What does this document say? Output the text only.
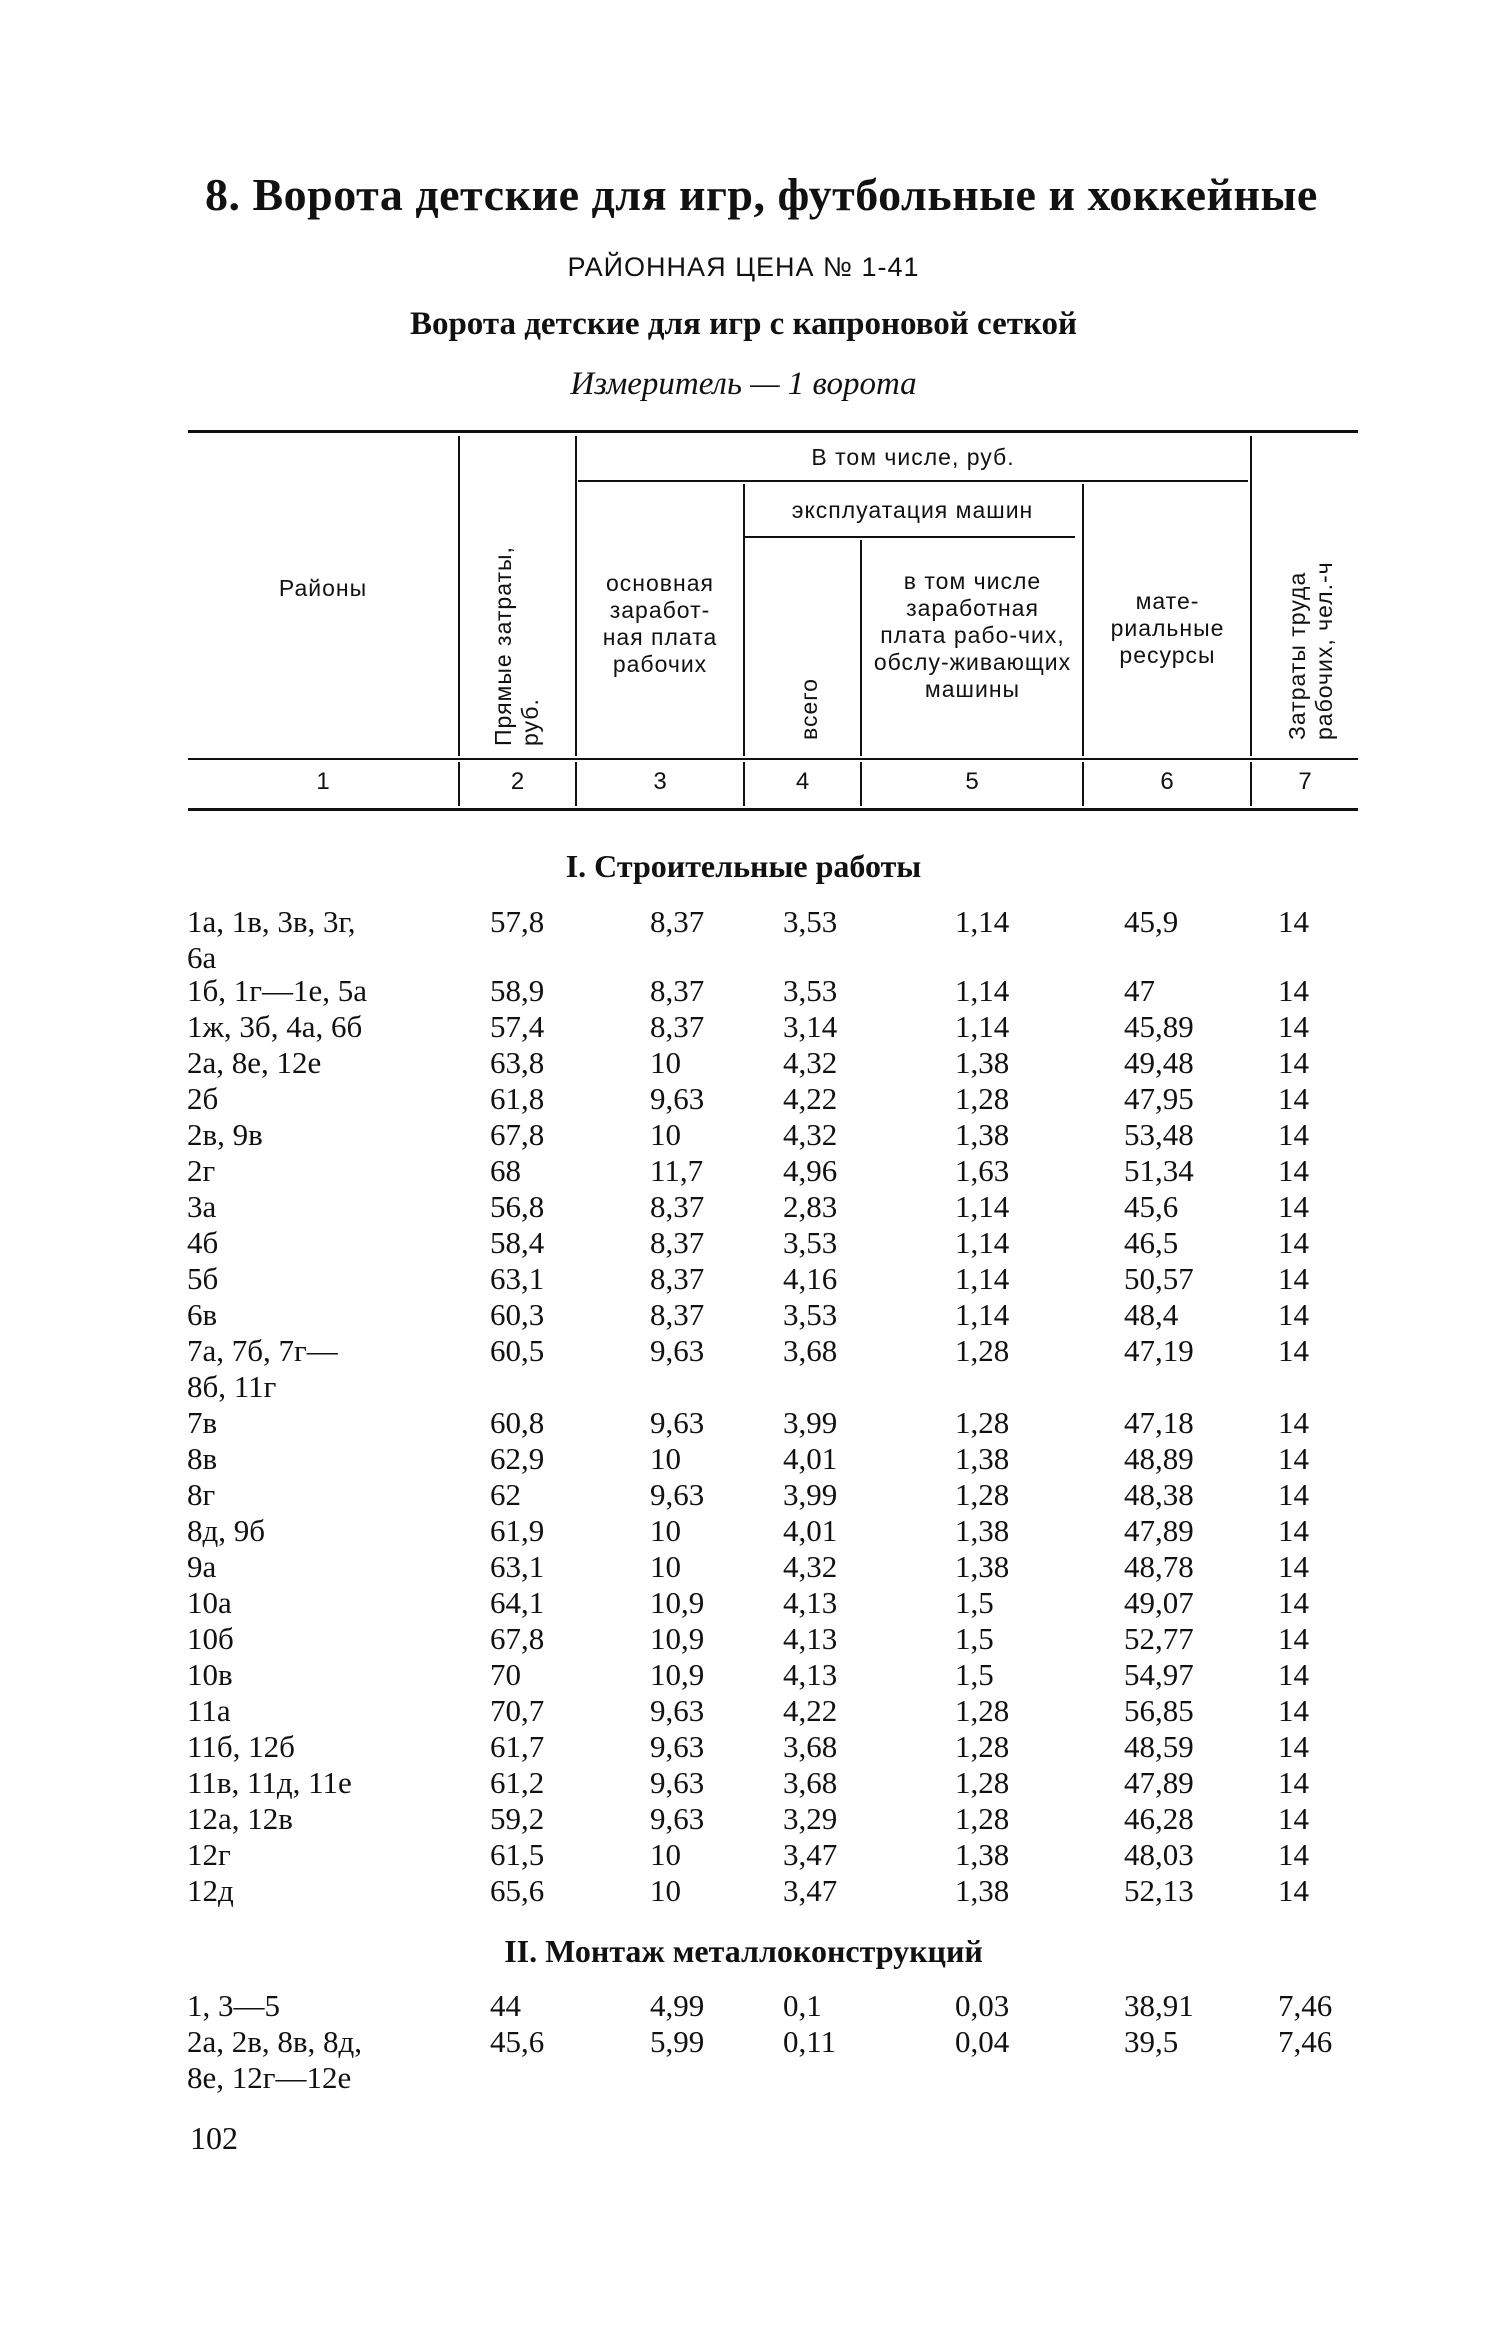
8. Ворота детские для игр, футбольные и хоккейные
РАЙОННАЯ ЦЕНА № 1-41
Ворота детские для игр с капроновой сеткой
Измеритель — 1 ворота
Районы	Прямые затраты, руб.
В том числе, руб.
основная заработ-ная плата рабочих
эксплуатация машин
всего
в том числе заработная плата рабо-чих, обслу-живающих машины
мате-риальные ресурсы	Затраты труда рабочих, чел.-ч
1	2	3	4	5	6	7
I. Строительные работы
1а, 1в, 3в, 3г,	57,8	8,37	3,53	1,14	45,9	14
6а
1б, 1г—1е, 5а	58,9	8,37	3,53	1,14	47	14
1ж, 3б, 4а, 6б	57,4	8,37	3,14	1,14	45,89	14
2а, 8е, 12е	63,8	10	4,32	1,38	49,48	14
2б	61,8	9,63	4,22	1,28	47,95	14
2в, 9в	67,8	10	4,32	1,38	53,48	14
2г	68	11,7	4,96	1,63	51,34	14
3а	56,8	8,37	2,83	1,14	45,6	14
4б	58,4	8,37	3,53	1,14	46,5	14
5б	63,1	8,37	4,16	1,14	50,57	14
6в	60,3	8,37	3,53	1,14	48,4	14
7а, 7б, 7г—	60,5	9,63	3,68	1,28	47,19	14
8б, 11г
7в	60,8	9,63	3,99	1,28	47,18	14
8в	62,9	10	4,01	1,38	48,89	14
8г	62	9,63	3,99	1,28	48,38	14
8д, 9б	61,9	10	4,01	1,38	47,89	14
9а	63,1	10	4,32	1,38	48,78	14
10а	64,1	10,9	4,13	1,5	49,07	14
10б	67,8	10,9	4,13	1,5	52,77	14
10в	70	10,9	4,13	1,5	54,97	14
11а	70,7	9,63	4,22	1,28	56,85	14
11б, 12б	61,7	9,63	3,68	1,28	48,59	14
11в, 11д, 11е	61,2	9,63	3,68	1,28	47,89	14
12а, 12в	59,2	9,63	3,29	1,28	46,28	14
12г	61,5	10	3,47	1,38	48,03	14
12д	65,6	10	3,47	1,38	52,13	14
II. Монтаж металлоконструкций
1, 3—5	44	4,99	0,1	0,03	38,91	7,46
2а, 2в, 8в, 8д,	45,6	5,99	0,11	0,04	39,5	7,46
8е, 12г—12е
102
